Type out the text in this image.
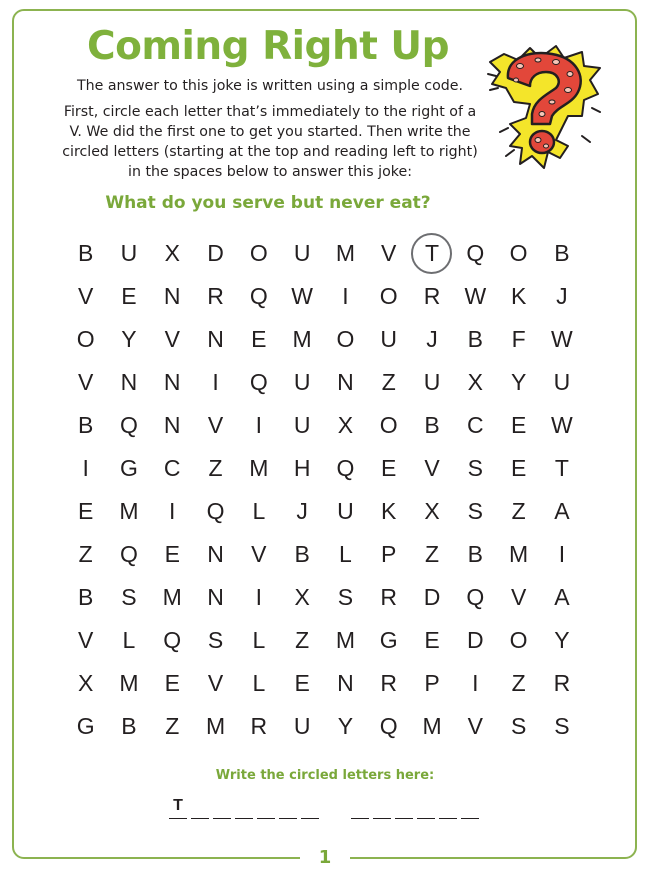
Coming Right Up
The answer to this joke is written using a simple code.
First, circle each letter that’s immediately to the right of a V. We did the first one to get you started. Then write the circled letters (starting at the top and reading left to right) in the spaces below to answer this joke:
What do you serve but never eat?
B	U	X	D	O	U	M	V	T	Q	O	B
V	E	N	R	Q	W	I	O	R	W	K	J
O	Y	V	N	E	M	O	U	J	B	F	W
V	N	N	I	Q	U	N	Z	U	X	Y	U
B	Q	N	V	I	U	X	O	B	C	E	W
I	G	C	Z	M	H	Q	E	V	S	E	T
E	M	I	Q	L	J	U	K	X	S	Z	A
Z	Q	E	N	V	B	L	P	Z	B	M	I
B	S	M	N	I	X	S	R	D	Q	V	A
V	L	Q	S	L	Z	M	G	E	D	O	Y
X	M	E	V	L	E	N	R	P	I	Z	R
G	B	Z	M	R	U	Y	Q	M	V	S	S
Write the circled letters here:
T
1
